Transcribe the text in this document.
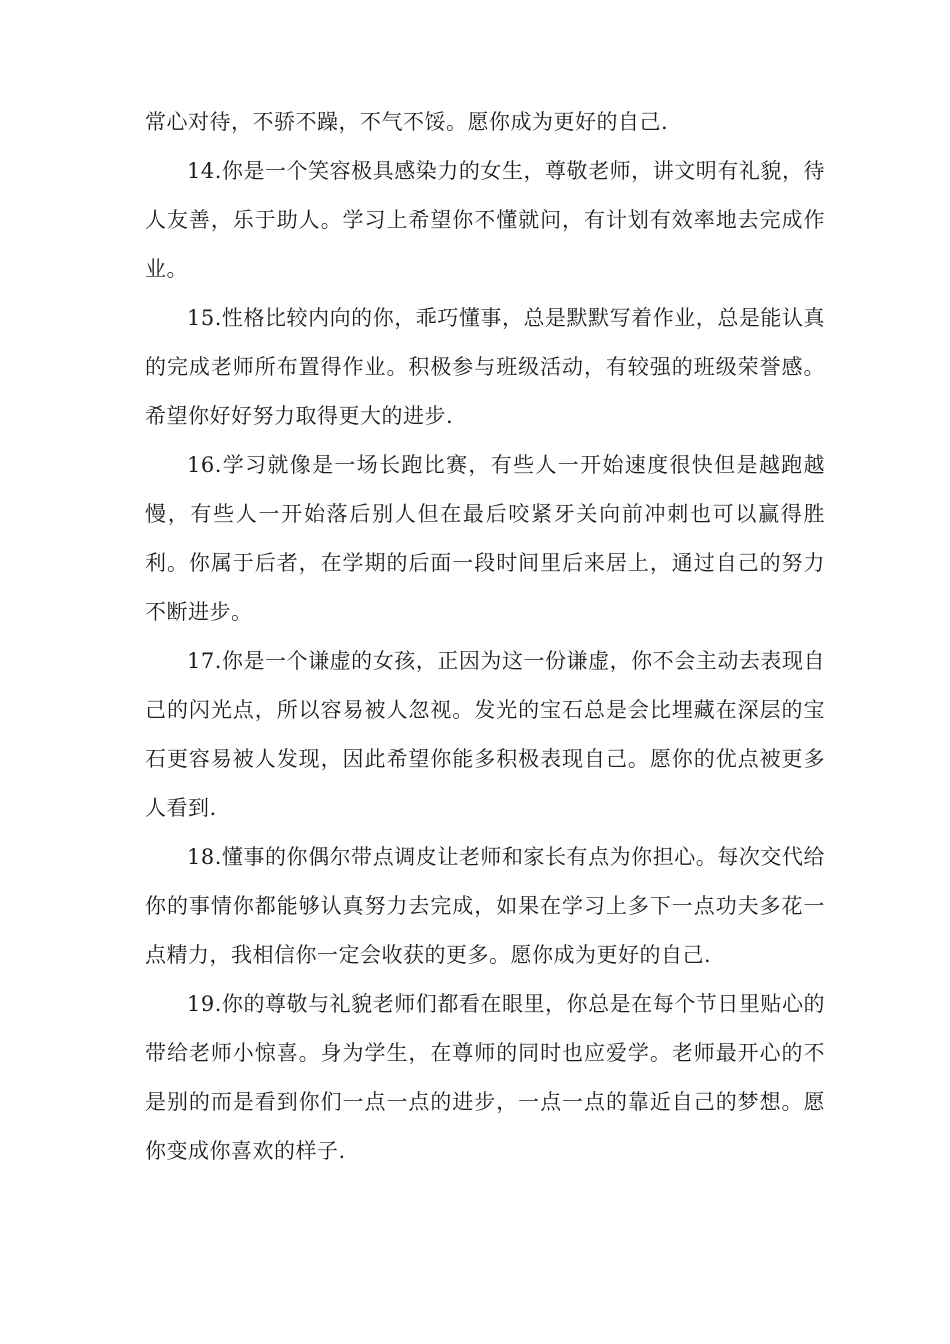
常心对待，不骄不躁，不气不馁。愿你成为更好的自己.

14.你是一个笑容极具感染力的女生，尊敬老师，讲文明有礼貌，待人友善，乐于助人。学习上希望你不懂就问，有计划有效率地去完成作业。

15.性格比较内向的你，乖巧懂事，总是默默写着作业，总是能认真的完成老师所布置得作业。积极参与班级活动，有较强的班级荣誉感。希望你好好努力取得更大的进步.

16.学习就像是一场长跑比赛，有些人一开始速度很快但是越跑越慢，有些人一开始落后别人但在最后咬紧牙关向前冲刺也可以赢得胜利。你属于后者，在学期的后面一段时间里后来居上，通过自己的努力不断进步。

17.你是一个谦虚的女孩，正因为这一份谦虚，你不会主动去表现自己的闪光点，所以容易被人忽视。发光的宝石总是会比埋藏在深层的宝石更容易被人发现，因此希望你能多积极表现自己。愿你的优点被更多人看到.

18.懂事的你偶尔带点调皮让老师和家长有点为你担心。每次交代给你的事情你都能够认真努力去完成，如果在学习上多下一点功夫多花一点精力，我相信你一定会收获的更多。愿你成为更好的自己.

19.你的尊敬与礼貌老师们都看在眼里，你总是在每个节日里贴心的带给老师小惊喜。身为学生，在尊师的同时也应爱学。老师最开心的不是别的而是看到你们一点一点的进步，一点一点的靠近自己的梦想。愿你变成你喜欢的样子.
